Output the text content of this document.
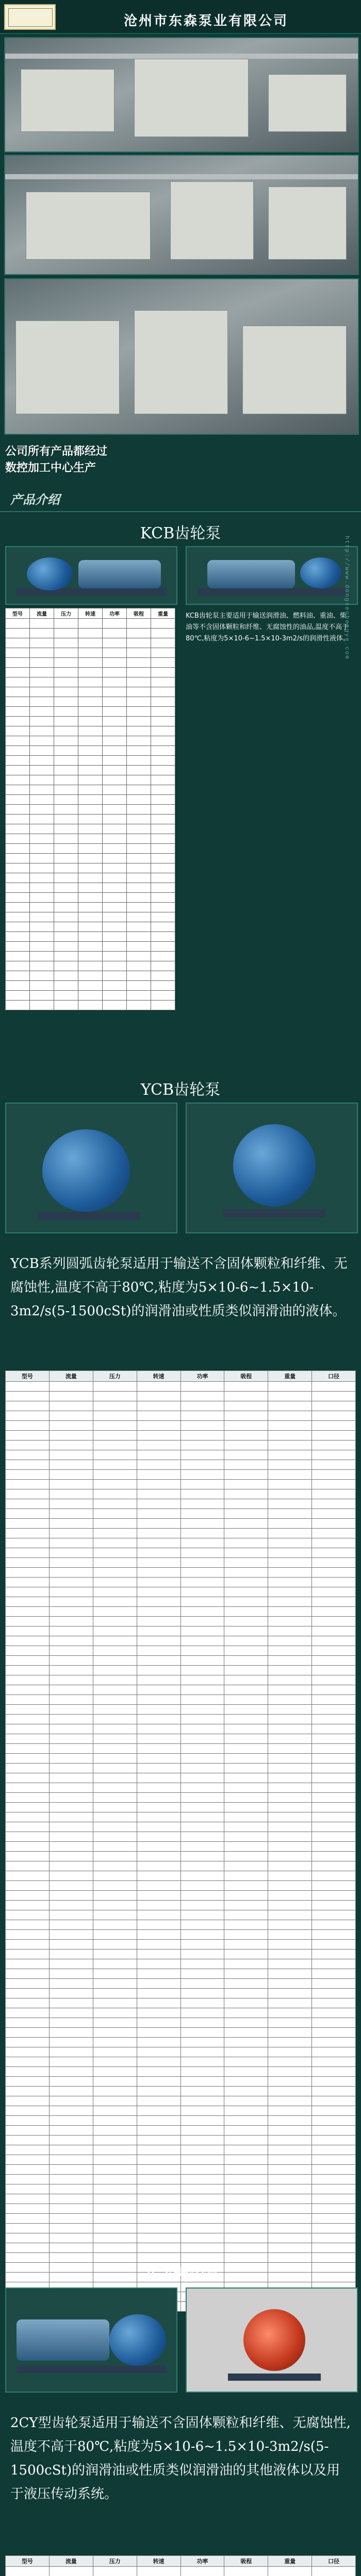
沧州市东森泵业有限公司
公司所有产品都经过
数控加工中心生产
产品介绍
KCB齿轮泵
型号	流量	压力	转速	功率	吸程	重量

							KCB齿轮泵主要适用于输送润滑油、燃料油、重油、柴油等不含固体颗粒和纤维、无腐蚀性的油品,温度不高于80℃,粘度为5×10-6~1.5×10-3m2/s的润滑性液体。
http://www.dongsenbengye.com
YCB齿轮泵
YCB系列圆弧齿轮泵适用于输送不含固体颗粒和纤维、无腐蚀性,温度不高于80℃,粘度为5×10-6~1.5×10-3m2/s(5-1500cSt)的润滑油或性质类似润滑油的液体。
型号	流量	压力	转速	功率	吸程	重量	口径

2CY齿轮泵
2CY型齿轮泵适用于输送不含固体颗粒和纤维、无腐蚀性,温度不高于80℃,粘度为5×10-6~1.5×10-3m2/s(5-1500cSt)的润滑油或性质类似润滑油的其他液体以及用于液压传动系统。
型号	流量	压力	转速	功率	吸程	重量	口径
